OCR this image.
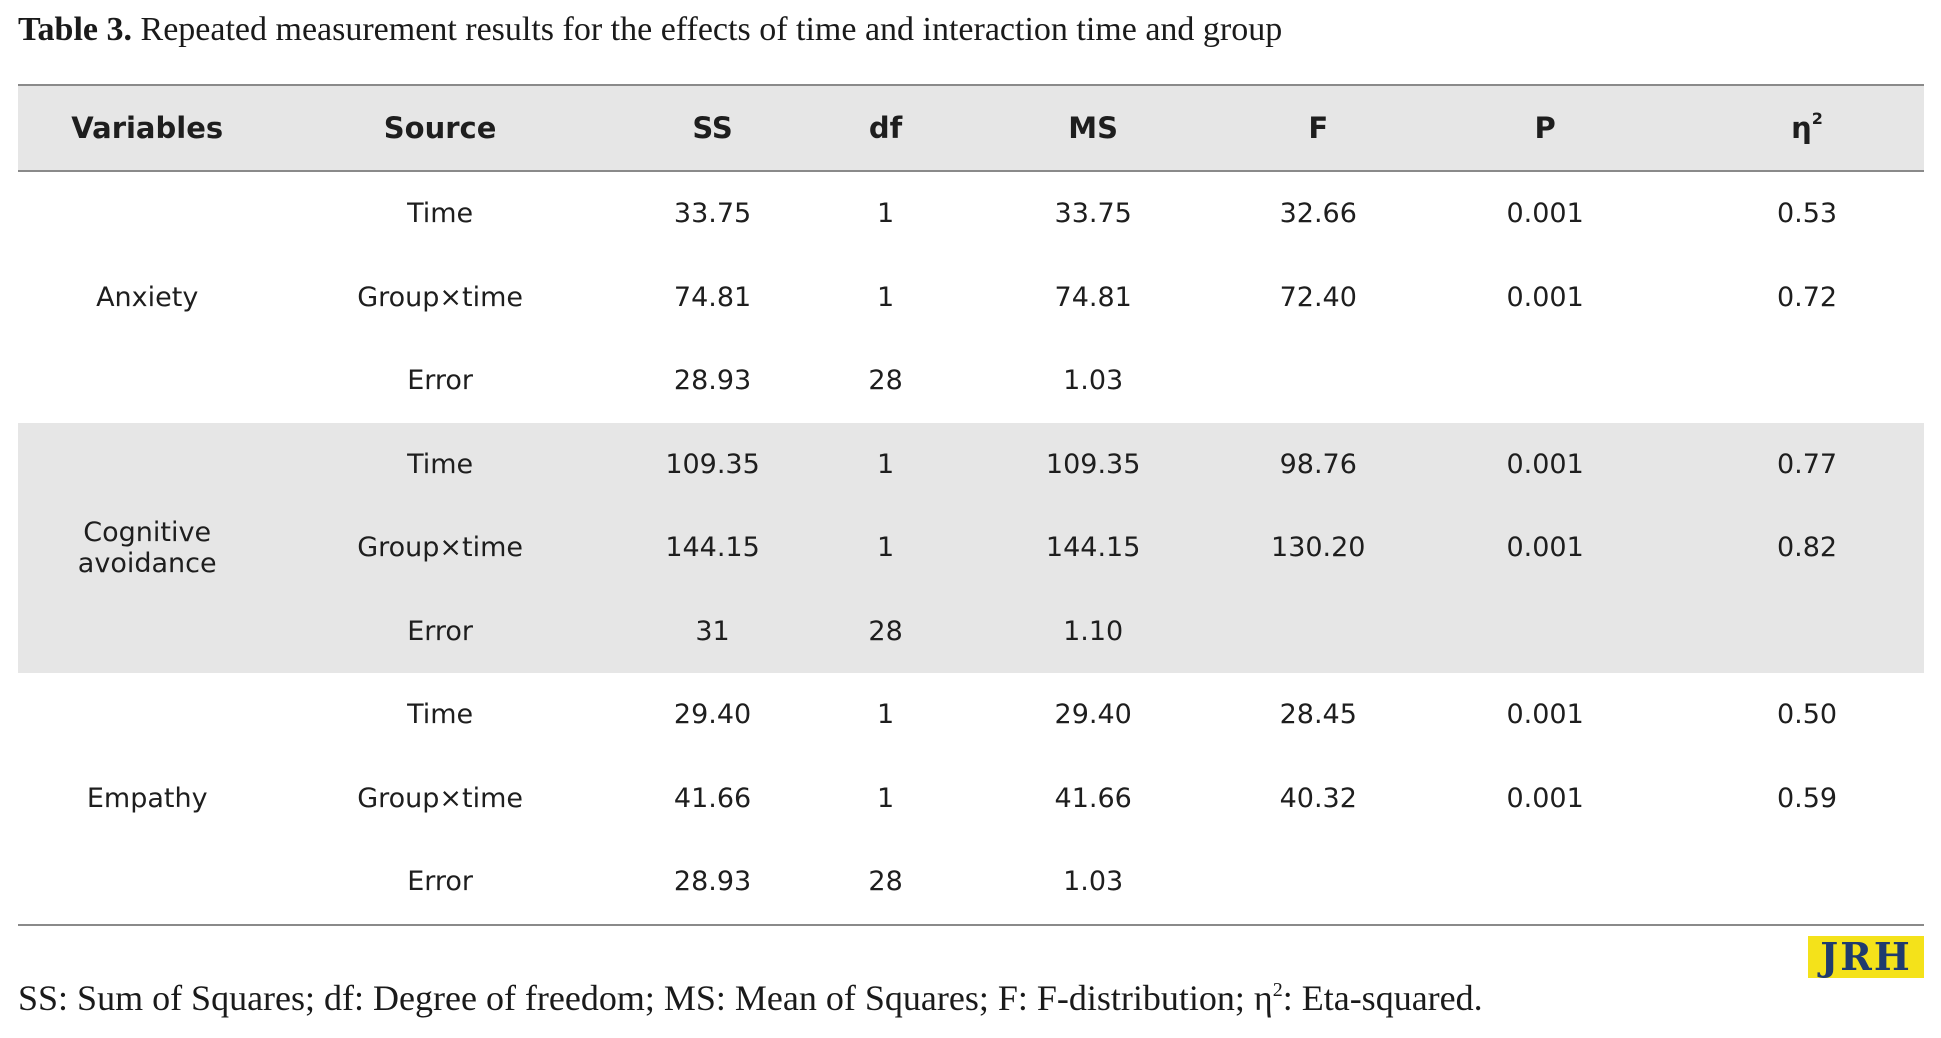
Table 3. Repeated measurement results for the effects of time and interaction time and group
Variables	Source	SS	df	MS	F	P	$\eta^2$
Anxiety	Time	33.75	1	33.75	32.66	0.001	0.53
	Group×time	74.81	1	74.81	72.40	0.001	0.72
	Error	28.93	28	1.03			
Cognitive avoidance	Time	109.35	1	109.35	98.76	0.001	0.77
	Group×time	144.15	1	144.15	130.20	0.001	0.82
	Error	31	28	1.10			
Empathy	Time	29.40	1	29.40	28.45	0.001	0.50
	Group×time	41.66	1	41.66	40.32	0.001	0.59
	Error	28.93	28	1.03			
JRH
SS: Sum of Squares; df: Degree of freedom; MS: Mean of Squares; F: F-distribution; $\eta^2$: Eta-squared.
